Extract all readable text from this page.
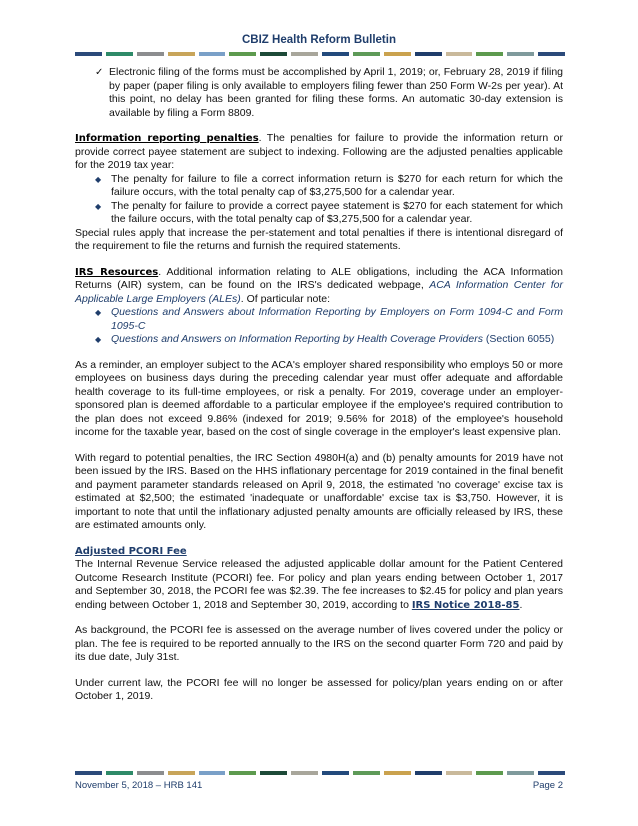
CBIZ Health Reform Bulletin
✓ Electronic filing of the forms must be accomplished by April 1, 2019; or, February 28, 2019 if filing by paper (paper filing is only available to employers filing fewer than 250 Form W-2s per year). At this point, no delay has been granted for filing these forms. An automatic 30-day extension is available by filing a Form 8809.

Information reporting penalties. The penalties for failure to provide the information return or provide correct payee statement are subject to indexing. Following are the adjusted penalties applicable for the 2019 tax year:

◆ The penalty for failure to file a correct information return is $270 for each return for which the failure occurs, with the total penalty cap of $3,275,500 for a calendar year.
◆ The penalty for failure to provide a correct payee statement is $270 for each statement for which the failure occurs, with the total penalty cap of $3,275,500 for a calendar year.

Special rules apply that increase the per-statement and total penalties if there is intentional disregard of the requirement to file the returns and furnish the required statements.

IRS Resources. Additional information relating to ALE obligations, including the ACA Information Returns (AIR) system, can be found on the IRS's dedicated webpage, ACA Information Center for Applicable Large Employers (ALEs). Of particular note:

◆ Questions and Answers about Information Reporting by Employers on Form 1094-C and Form 1095-C
◆ Questions and Answers on Information Reporting by Health Coverage Providers (Section 6055)

As a reminder, an employer subject to the ACA's employer shared responsibility who employs 50 or more employees on business days during the preceding calendar year must offer adequate and affordable health coverage to its full-time employees, or risk a penalty. For 2019, coverage under an employer-sponsored plan is deemed affordable to a particular employee if the employee's required contribution to the plan does not exceed 9.86% (indexed for 2019; 9.56% for 2018) of the employee's household income for the taxable year, based on the cost of single coverage in the employer's least expensive plan.

With regard to potential penalties, the IRC Section 4980H(a) and (b) penalty amounts for 2019 have not been issued by the IRS. Based on the HHS inflationary percentage for 2019 contained in the final benefit and payment parameter standards released on April 9, 2018, the estimated 'no coverage' excise tax is estimated at $2,500; the estimated 'inadequate or unaffordable' excise tax is $3,750. However, it is important to note that until the inflationary adjusted penalty amounts are officially released by IRS, these are estimated amounts only.

Adjusted PCORI Fee

The Internal Revenue Service released the adjusted applicable dollar amount for the Patient Centered Outcome Research Institute (PCORI) fee. For policy and plan years ending between October 1, 2017 and September 30, 2018, the PCORI fee was $2.39. The fee increases to $2.45 for policy and plan years ending between October 1, 2018 and September 30, 2019, according to IRS Notice 2018-85.

As background, the PCORI fee is assessed on the average number of lives covered under the policy or plan. The fee is required to be reported annually to the IRS on the second quarter Form 720 and paid by its due date, July 31st.

Under current law, the PCORI fee will no longer be assessed for policy/plan years ending on or after October 1, 2019.

November 5, 2018 – HRB 141	Page 2
